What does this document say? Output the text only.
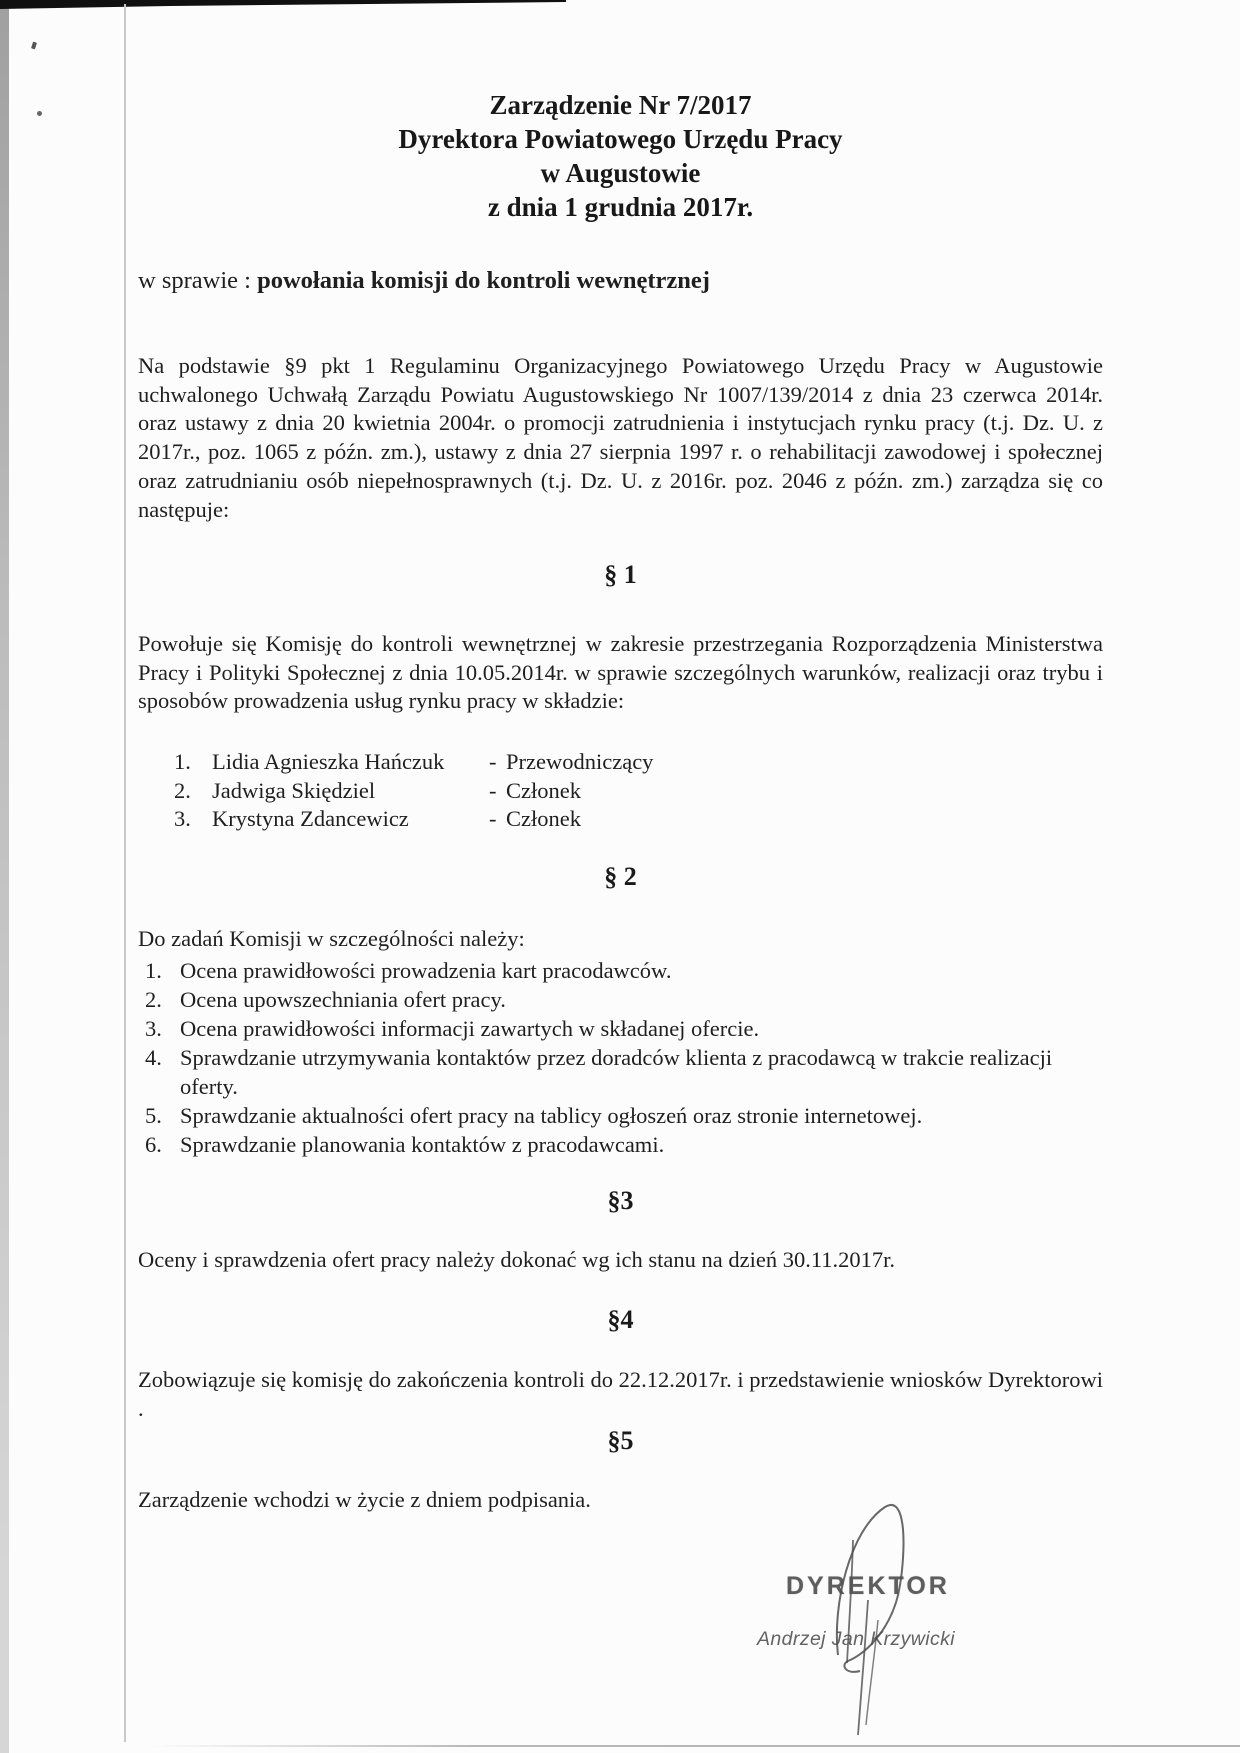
Zarządzenie Nr 7/2017
Dyrektora Powiatowego Urzędu Pracy
w Augustowie
z dnia 1 grudnia 2017r.
w sprawie : powołania komisji do kontroli wewnętrznej
Na podstawie §9 pkt 1 Regulaminu Organizacyjnego Powiatowego Urzędu Pracy w Augustowie uchwalonego Uchwałą Zarządu Powiatu Augustowskiego Nr 1007/139/2014 z dnia 23 czerwca 2014r. oraz ustawy z dnia 20 kwietnia 2004r. o promocji zatrudnienia i instytucjach rynku pracy (t.j. Dz. U. z 2017r., poz. 1065 z późn. zm.), ustawy z dnia 27 sierpnia 1997 r. o rehabilitacji zawodowej i społecznej oraz zatrudnianiu osób niepełnosprawnych (t.j. Dz. U. z 2016r. poz. 2046 z późn. zm.) zarządza się co następuje:
§ 1
Powołuje się Komisję do kontroli wewnętrznej w zakresie przestrzegania Rozporządzenia Ministerstwa Pracy i Polityki Społecznej z dnia 10.05.2014r. w sprawie szczególnych warunków, realizacji oraz trybu i sposobów prowadzenia usług rynku pracy w składzie:
1. Lidia Agnieszka Hańczuk	- Przewodniczący
2. Jadwiga Skiędziel	- Członek
3. Krystyna Zdancewicz	- Członek
§ 2
Do zadań Komisji w szczególności należy:
1. Ocena prawidłowości prowadzenia kart pracodawców.
2. Ocena upowszechniania ofert pracy.
3. Ocena prawidłowości informacji zawartych w składanej ofercie.
4. Sprawdzanie utrzymywania kontaktów przez doradców klienta z pracodawcą w trakcie realizacji oferty.
5. Sprawdzanie aktualności ofert pracy na tablicy ogłoszeń oraz stronie internetowej.
6. Sprawdzanie planowania kontaktów z pracodawcami.
§3
Oceny i sprawdzenia ofert pracy należy dokonać wg ich stanu na dzień 30.11.2017r.
§4
Zobowiązuje się komisję do zakończenia kontroli do 22.12.2017r. i przedstawienie wniosków Dyrektorowi .
§5
Zarządzenie wchodzi w życie z dniem podpisania.
DYREKTOR
Andrzej Jan Krzywicki
